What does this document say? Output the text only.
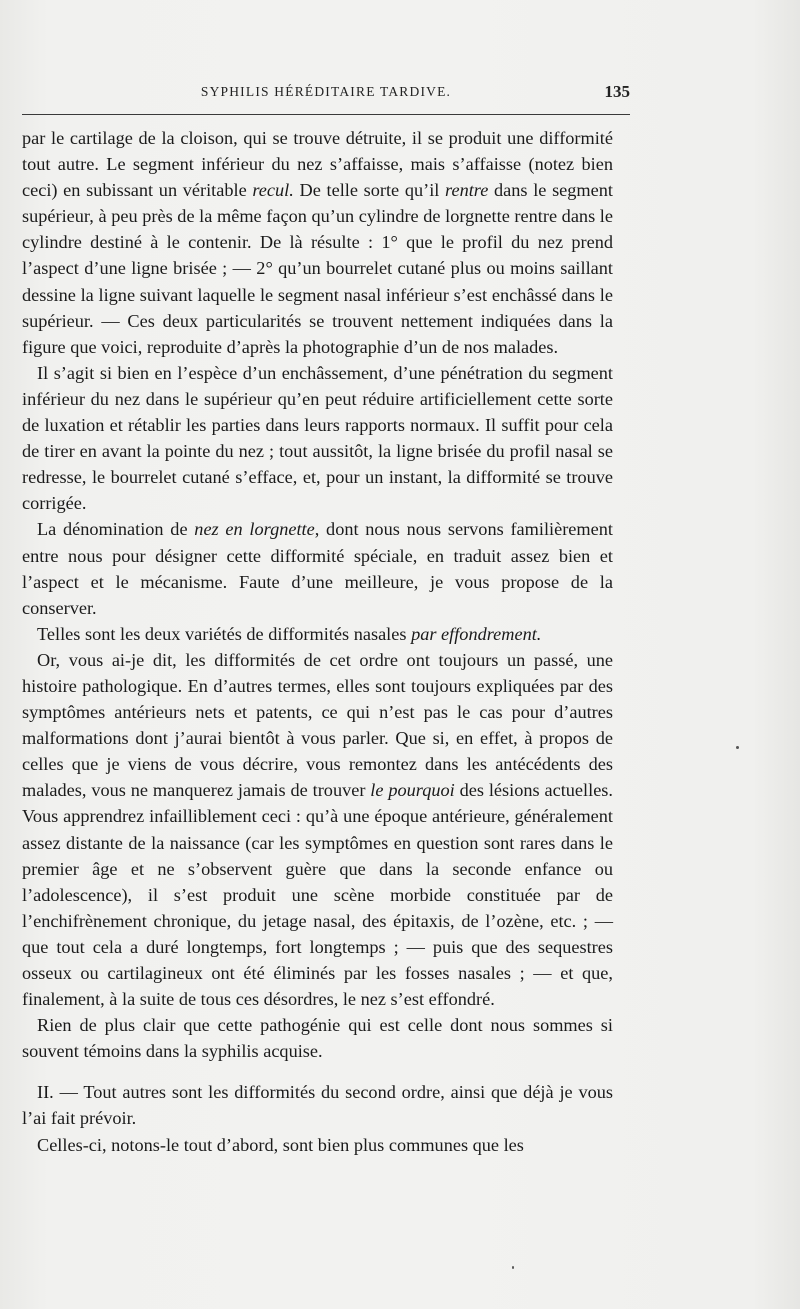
SYPHILIS HÉRÉDITAIRE TARDIVE.	135

par le cartilage de la cloison, qui se trouve détruite, il se produit une difformité tout autre. Le segment inférieur du nez s’affaisse, mais s’affaisse (notez bien ceci) en subissant un véritable recul. De telle sorte qu’il rentre dans le segment supérieur, à peu près de la même façon qu’un cylindre de lorgnette rentre dans le cylindre destiné à le contenir. De là résulte : 1° que le profil du nez prend l’aspect d’une ligne brisée ; — 2° qu’un bourrelet cutané plus ou moins saillant dessine la ligne suivant laquelle le segment nasal inférieur s’est enchâssé dans le supérieur. — Ces deux particularités se trouvent nettement indiquées dans la figure que voici, reproduite d’après la photographie d’un de nos malades.

Il s’agit si bien en l’espèce d’un enchâssement, d’une pénétration du segment inférieur du nez dans le supérieur qu’en peut réduire artificiellement cette sorte de luxation et rétablir les parties dans leurs rapports normaux. Il suffit pour cela de tirer en avant la pointe du nez ; tout aussitôt, la ligne brisée du profil nasal se redresse, le bourrelet cutané s’efface, et, pour un instant, la difformité se trouve corrigée.

La dénomination de nez en lorgnette, dont nous nous servons familièrement entre nous pour désigner cette difformité spéciale, en traduit assez bien et l’aspect et le mécanisme. Faute d’une meilleure, je vous propose de la conserver.

Telles sont les deux variétés de difformités nasales par effondrement.

Or, vous ai-je dit, les difformités de cet ordre ont toujours un passé, une histoire pathologique. En d’autres termes, elles sont toujours expliquées par des symptômes antérieurs nets et patents, ce qui n’est pas le cas pour d’autres malformations dont j’aurai bientôt à vous parler. Que si, en effet, à propos de celles que je viens de vous décrire, vous remontez dans les antécédents des malades, vous ne manquerez jamais de trouver le pourquoi des lésions actuelles. Vous apprendrez infailliblement ceci : qu’à une époque antérieure, généralement assez distante de la naissance (car les symptômes en question sont rares dans le premier âge et ne s’observent guère que dans la seconde enfance ou l’adolescence), il s’est produit une scène morbide constituée par de l’enchifrènement chronique, du jetage nasal, des épitaxis, de l’ozène, etc. ; — que tout cela a duré longtemps, fort longtemps ; — puis que des sequestres osseux ou cartilagineux ont été éliminés par les fosses nasales ; — et que, finalement, à la suite de tous ces désordres, le nez s’est effondré.

Rien de plus clair que cette pathogénie qui est celle dont nous sommes si souvent témoins dans la syphilis acquise.

II. — Tout autres sont les difformités du second ordre, ainsi que déjà je vous l’ai fait prévoir.

Celles-ci, notons-le tout d’abord, sont bien plus communes que les
